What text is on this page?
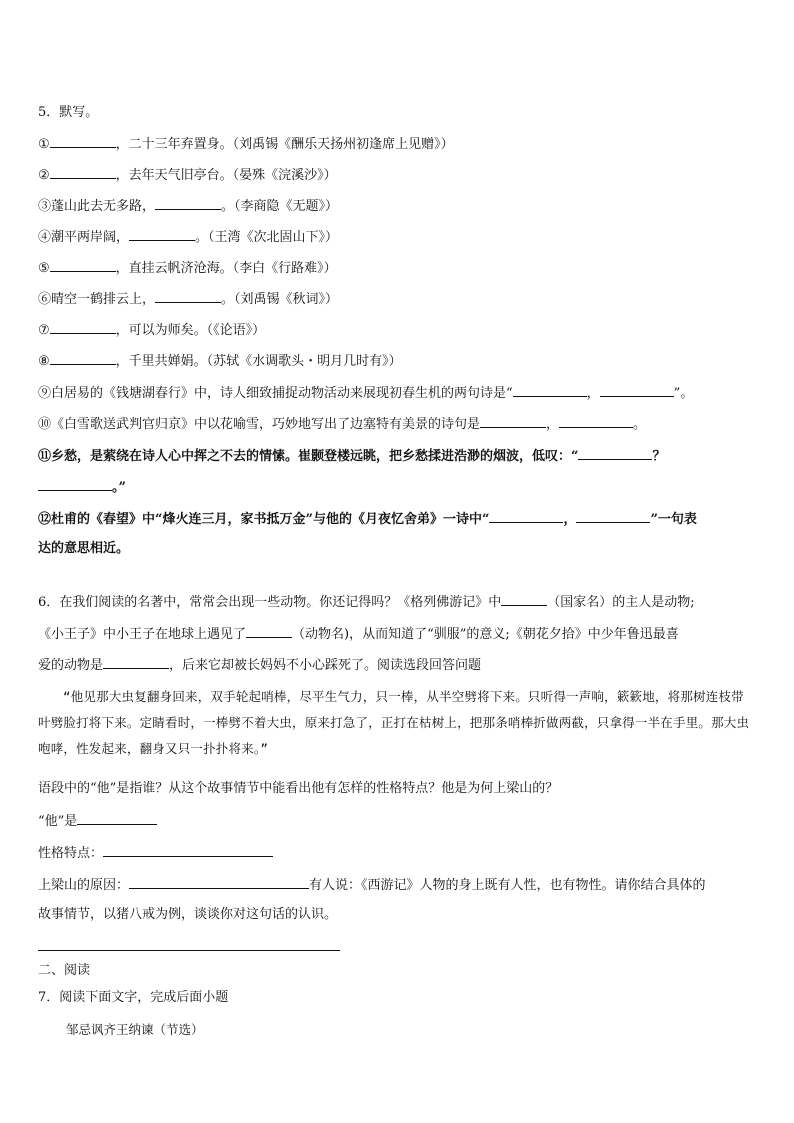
5．默写。
①	，二十三年弃置身。（刘禹锡《酬乐天扬州初逢席上见赠》）
②	，去年天气旧亭台。（晏殊《浣溪沙》）
③蓬山此去无多路，	。（李商隐《无题》）
④潮平两岸阔，	。（王湾《次北固山下》）
⑤	，直挂云帆济沧海。（李白《行路难》）
⑥晴空一鹤排云上，	。（刘禹锡《秋词》）
⑦	，可以为师矣。（《论语》）
⑧	，千里共婵娟。（苏轼《水调歌头・明月几时有》）
⑨白居易的《钱塘湖春行》中，诗人细致捕捉动物活动来展现初春生机的两句诗是“	，	”。
⑩《白雪歌送武判官归京》中以花喻雪，巧妙地写出了边塞特有美景的诗句是	，	。
⑪乡愁，是萦绕在诗人心中挥之不去的情愫。崔颢登楼远眺，把乡愁揉进浩渺的烟波，低叹：“	？
。”
⑫杜甫的《春望》中“烽火连三月，家书抵万金”与他的《月夜忆舍弟》一诗中“	，	”一句表
达的意思相近。
6．在我们阅读的名著中，常常会出现一些动物。你还记得吗？《格列佛游记》中	（国家名）的主人是动物;
《小王子》中小王子在地球上遇见了	（动物名)，从而知道了“驯服”的意义;《朝花夕拾》中少年鲁迅最喜
爱的动物是	，后来它却被长妈妈不小心踩死了。阅读选段回答问题
“他见那大虫复翻身回来，双手轮起哨棒，尽平生气力，只一棒，从半空劈将下来。只听得一声响，簌簌地，将那树连枝带叶劈脸打将下来。定睛看时，一棒劈不着大虫，原来打急了，正打在枯树上，把那条哨棒折做两截，只拿得一半在手里。那大虫咆哮，性发起来，翻身又只一扑扑将来。”
语段中的“他”是指谁？从这个故事情节中能看出他有怎样的性格特点？他是为何上梁山的？
“他”是
性格特点：
上梁山的原因：	有人说：《西游记》人物的身上既有人性，也有物性。请你结合具体的
故事情节，以猪八戒为例，谈谈你对这句话的认识。
二、阅读
7．阅读下面文字，完成后面小题
邹忌讽齐王纳谏（节选）
